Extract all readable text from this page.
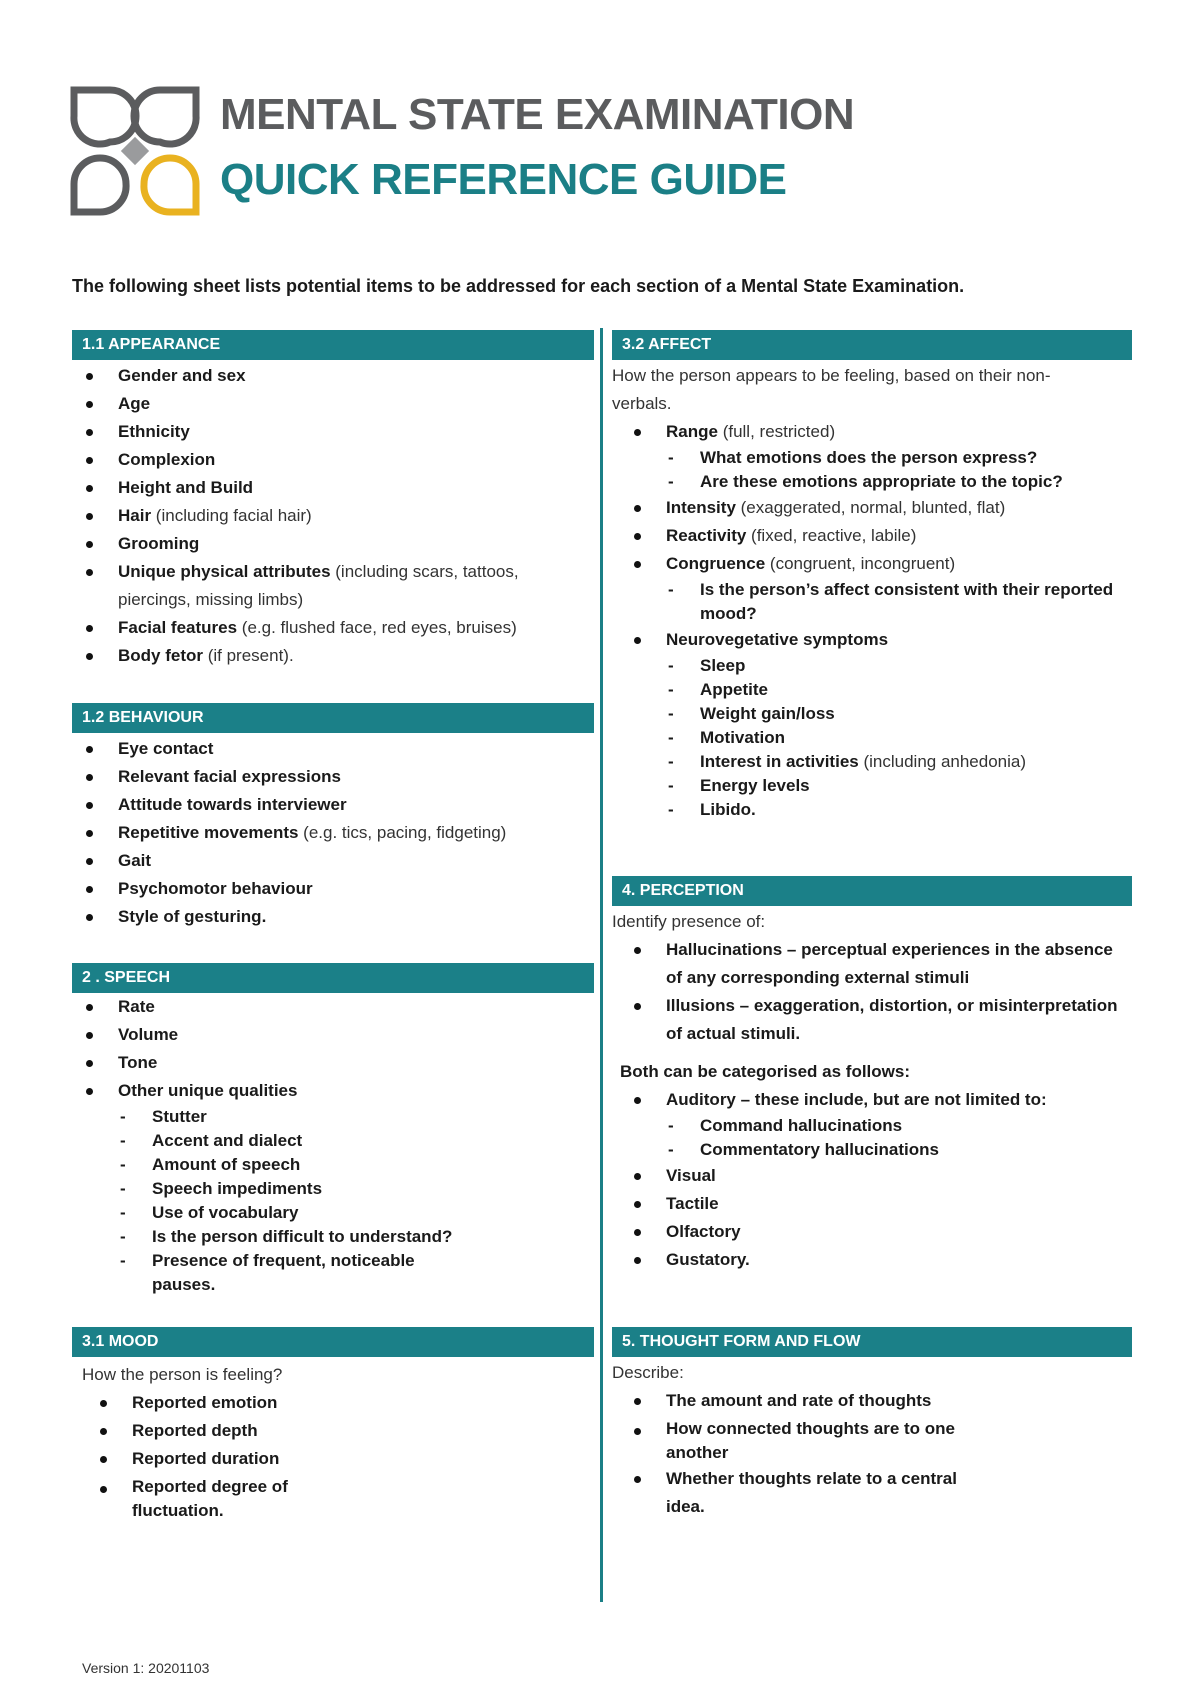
MENTAL STATE EXAMINATION
QUICK REFERENCE GUIDE

The following sheet lists potential items to be addressed for each section of a Mental State Examination.

1.1 APPEARANCE
Gender and sex
Age
Ethnicity
Complexion
Height and Build
Hair (including facial hair)
Grooming
Unique physical attributes (including scars, tattoos, piercings, missing limbs)
Facial features (e.g. flushed face, red eyes, bruises)
Body fetor (if present).
1.2 BEHAVIOUR
Eye contact
Relevant facial expressions
Attitude towards interviewer
Repetitive movements (e.g. tics, pacing, fidgeting)
Gait
Psychomotor behaviour
Style of gesturing.
2 . SPEECH
Rate
Volume
Tone
Other unique qualities
- Stutter
- Accent and dialect
- Amount of speech
- Speech impediments
- Use of vocabulary
- Is the person difficult to understand?
- Presence of frequent, noticeable pauses.
3.1 MOOD

How the person is feeling?

Reported emotion
Reported depth
Reported duration
Reported degree of fluctuation.
3.2 AFFECT

How the person appears to be feeling, based on their non-verbals.

Range (full, restricted)
- What emotions does the person express?
- Are these emotions appropriate to the topic?
Intensity (exaggerated, normal, blunted, flat)
Reactivity (fixed, reactive, labile)
Congruence (congruent, incongruent)
- Is the person’s affect consistent with their reported mood?
Neurovegetative symptoms
- Sleep
- Appetite
- Weight gain/loss
- Motivation
- Interest in activities (including anhedonia)
- Energy levels
- Libido.
4. PERCEPTION

Identify presence of:

Hallucinations – perceptual experiences in the absence of any corresponding external stimuli
Illusions – exaggeration, distortion, or misinterpretation of actual stimuli.

Both can be categorised as follows:

Auditory – these include, but are not limited to:
- Command hallucinations
- Commentatory hallucinations
Visual
Tactile
Olfactory
Gustatory.
5. THOUGHT FORM AND FLOW

Describe:

The amount and rate of thoughts
How connected thoughts are to one another
Whether thoughts relate to a central idea.
Version 1: 20201103
